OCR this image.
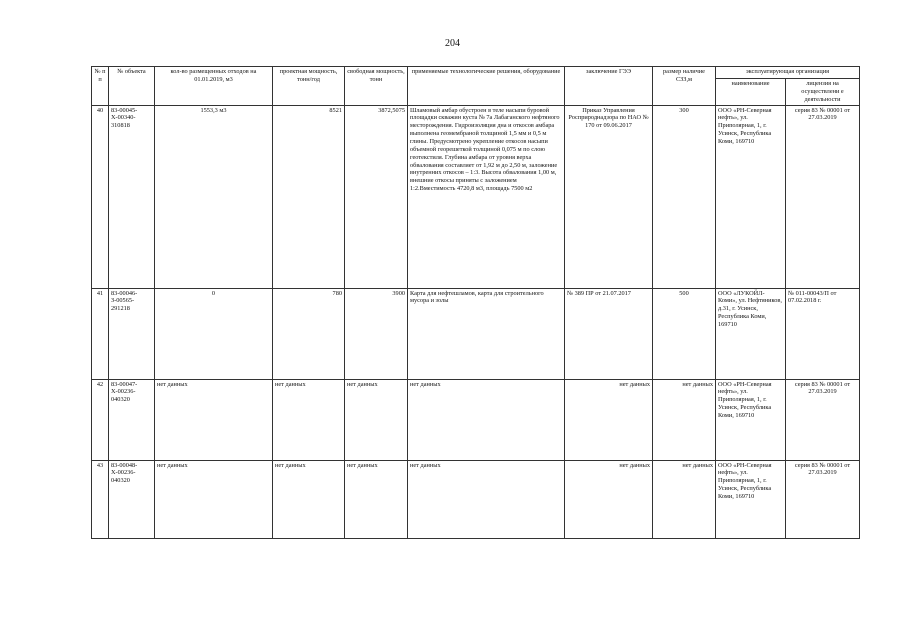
204
№ п п	№ объекта	кол-во размещенных отходов на 01.01.2019, м3	проектная мощность, тонн/год	свободная мощность, тонн	применяемые технологические решения, оборудование	заключение ГЭЭ	размер наличие СЗЗ,м	эксплуатирующая организация	
								наименование	лицензия на осуществлени е деятельности
40	83-00045-Х-00340-310818	1553,3 м3	8521	3872,5075	Шламовый амбар обустроен в теле насыпи буровой площадки скважин куста № 7а Лабаганского нефтяного месторождения. Гидроизоляция дна и откосов амбара выполнена геомембраной толщиной 1,5 мм и 0,5 м глины. Предусмотрено укрепление откосов насыпи объемной георешеткой толщиной 0,075 м по слою геотекстиля. Глубина амбара от уровня верха обвалования составляет от 1,92 м до 2,50 м, заложение внутренних откосов – 1:3. Высота обвалования 1,00 м, внешние откосы приняты с заложением 1:2.Вместимость 4720,8 м3, площадь 7500 м2	Приказ Управления Росприроднадзора по НАО № 170 от 09.06.2017	300	ООО «РН-Северная нефть», ул. Приполярная, 1, г. Усинск, Республика Коми, 169710	серия 83 № 00001 от 27.03.2019
41	83-00046-З-00565-291218	0	780	3900	Карта для нефтешламов, карта для строительного мусора и золы	№ 389 ПР от 21.07.2017	500	ООО «ЛУКОЙЛ-Коми», ул. Нефтяников, д.31, г. Усинск, Республика Коми, 169710	№ 011-00043/П от 07.02.2018 г.
42	83-00047-Х-00236-040320	нет данных	нет данных	нет данных	нет данных	нет данных	нет данных	ООО «РН-Северная нефть», ул. Приполярная, 1, г. Усинск, Республика Коми, 169710	серия 83 № 00001 от 27.03.2019
43	83-00048-Х-00236-040320	нет данных	нет данных	нет данных	нет данных	нет данных	нет данных	ООО «РН-Северная нефть», ул. Приполярная, 1, г. Усинск, Республика Коми, 169710	серия 83 № 00001 от 27.03.2019
